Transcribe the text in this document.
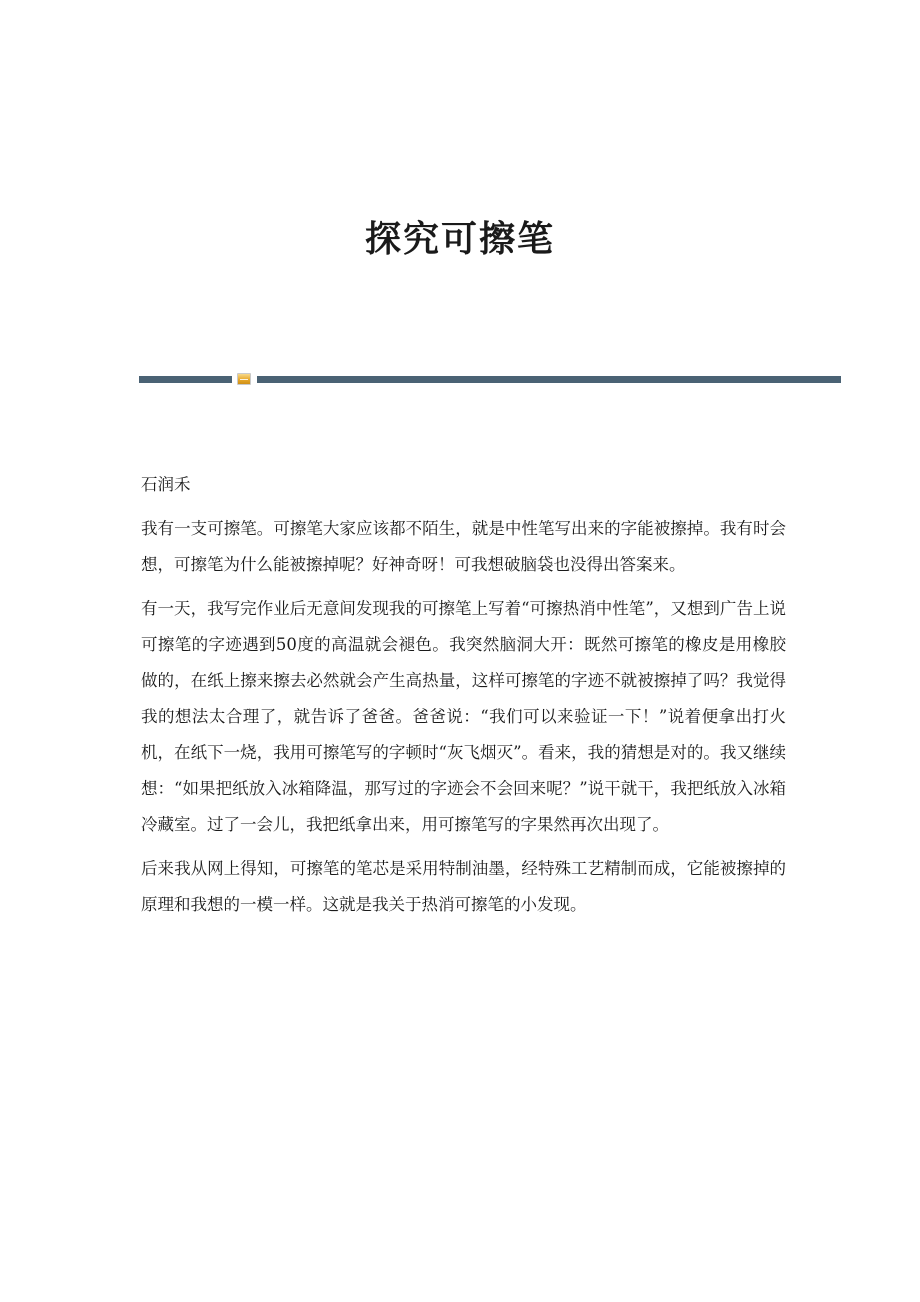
探究可擦笔

石润禾

我有一支可擦笔。可擦笔大家应该都不陌生，就是中性笔写出来的字能被擦掉。我有时会想，可擦笔为什么能被擦掉呢？好神奇呀！可我想破脑袋也没得出答案来。

有一天，我写完作业后无意间发现我的可擦笔上写着“可擦热消中性笔”，又想到广告上说可擦笔的字迹遇到50度的高温就会褪色。我突然脑洞大开：既然可擦笔的橡皮是用橡胶做的，在纸上擦来擦去必然就会产生高热量，这样可擦笔的字迹不就被擦掉了吗？我觉得我的想法太合理了，就告诉了爸爸。爸爸说：“我们可以来验证一下！”说着便拿出打火机，在纸下一烧，我用可擦笔写的字顿时“灰飞烟灭”。看来，我的猜想是对的。我又继续想：“如果把纸放入冰箱降温，那写过的字迹会不会回来呢？”说干就干，我把纸放入冰箱冷藏室。过了一会儿，我把纸拿出来，用可擦笔写的字果然再次出现了。

后来我从网上得知，可擦笔的笔芯是采用特制油墨，经特殊工艺精制而成，它能被擦掉的原理和我想的一模一样。这就是我关于热消可擦笔的小发现。
